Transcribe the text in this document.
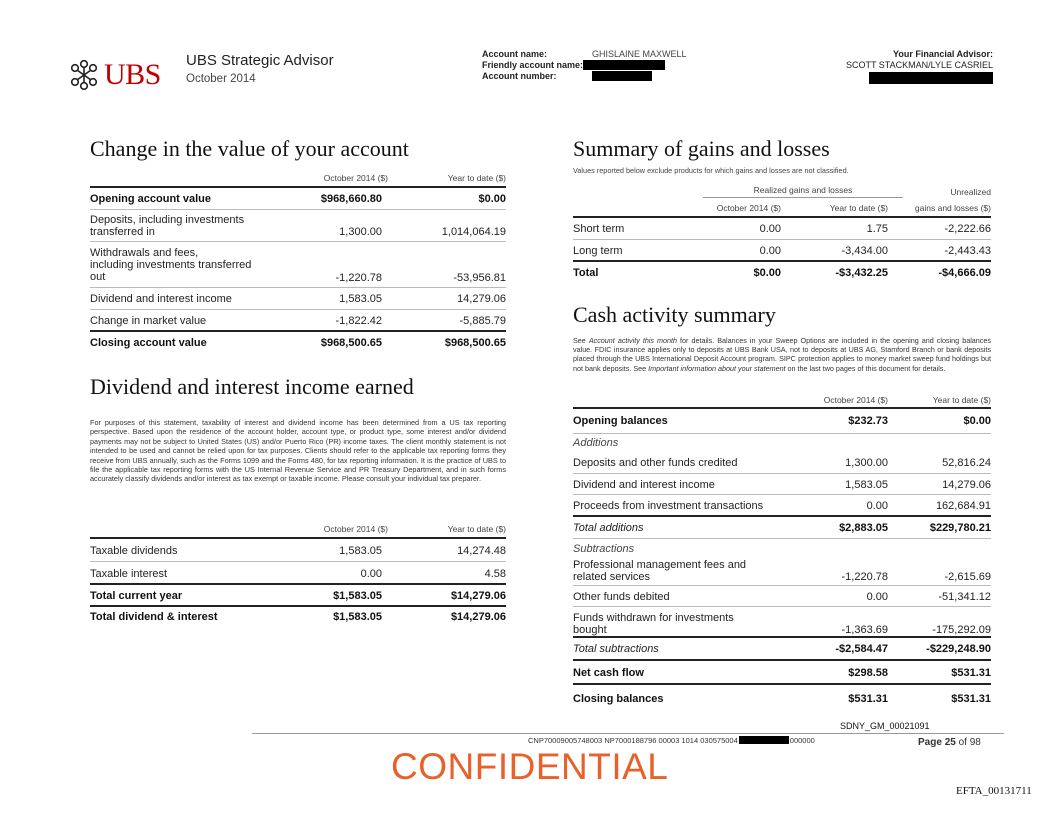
UBS UBS Strategic Advisor
October 2014
Account name:	GHISLAINE MAXWELL
Friendly account name:
Account number:
Your Financial Advisor:
SCOTT STACKMAN/LYLE CASRIEL
Change in the value of your account
October 2014 ($)	Year to date ($)
Opening account value	$968,660.80	$0.00
Deposits, including investments
transferred in	1,300.00	1,014,064.19
Withdrawals and fees,
including investments transferred
out	-1,220.78	-53,956.81
Dividend and interest income	1,583.05	14,279.06
Change in market value	-1,822.42	-5,885.79
Closing account value	$968,500.65	$968,500.65
Dividend and interest income earned
For purposes of this statement, taxability of interest and dividend income has been determined from a US tax reporting perspective. Based upon the residence of the account holder, account type, or product type, some interest and/or dividend payments may not be subject to United States (US) and/or Puerto Rico (PR) income taxes. The client monthly statement is not intended to be used and cannot be relied upon for tax purposes. Clients should refer to the applicable tax reporting forms they receive from UBS annually, such as the Forms 1099 and the Forms 480, for tax reporting information. It is the practice of UBS to file the applicable tax reporting forms with the US Internal Revenue Service and PR Treasury Department, and in such forms accurately classify dividends and/or interest as tax exempt or taxable income. Please consult your individual tax preparer.
October 2014 ($)	Year to date ($)
Taxable dividends	1,583.05	14,274.48
Taxable interest	0.00	4.58
Total current year	$1,583.05	$14,279.06
Total dividend & interest	$1,583.05	$14,279.06
Summary of gains and losses
Values reported below exclude products for which gains and losses are not classified.
Realized gains and losses	Unrealized
October 2014 ($)	Year to date ($)	gains and losses ($)
Short term	0.00	1.75	-2,222.66
Long term	0.00	-3,434.00	-2,443.43
Total	$0.00	-$3,432.25	-$4,666.09
Cash activity summary
See Account activity this month for details. Balances in your Sweep Options are included in the opening and closing balances value. FDIC insurance applies only to deposits at UBS Bank USA, not to deposits at UBS AG, Stamford Branch or bank deposits placed through the UBS International Deposit Account program. SIPC protection applies to money market sweep fund holdings but not bank deposits. See Important information about your statement on the last two pages of this document for details.
October 2014 ($)	Year to date ($)
Opening balances	$232.73	$0.00
Additions
Deposits and other funds credited	1,300.00	52,816.24
Dividend and interest income	1,583.05	14,279.06
Proceeds from investment transactions	0.00	162,684.91
Total additions	$2,883.05	$229,780.21
Subtractions
Professional management fees and
related services	-1,220.78	-2,615.69
Other funds debited	0.00	-51,341.12
Funds withdrawn for investments
bought	-1,363.69	-175,292.09
Total subtractions	-$2,584.47	-$229,248.90
Net cash flow	$298.58	$531.31
Closing balances	$531.31	$531.31
SDNY_GM_00021091
CNP70009005748003 NP7000188796 00003 1014 030575004	000000	Page 25 of 98
CONFIDENTIAL
EFTA_00131711
